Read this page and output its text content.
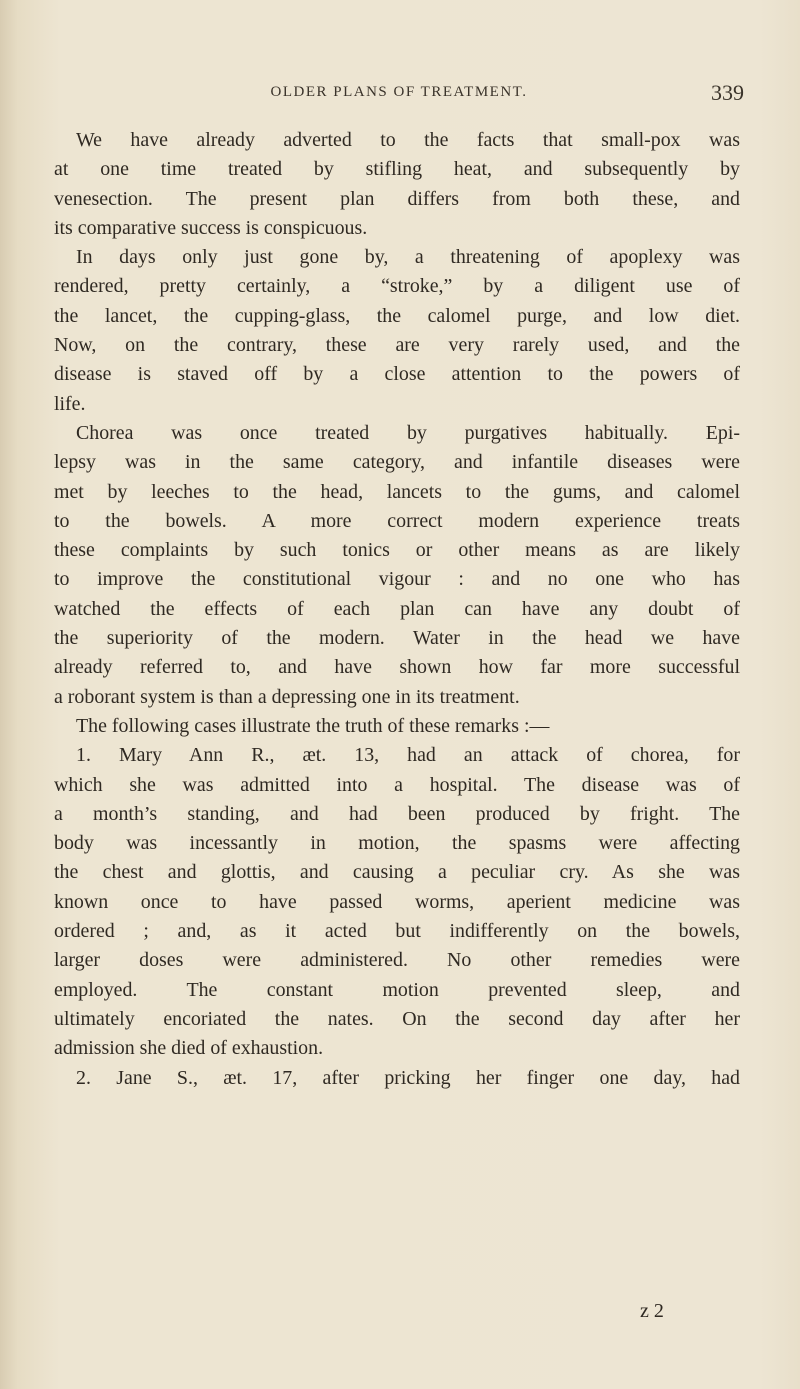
OLDER PLANS OF TREATMENT.	339
We have already adverted to the facts that small-pox was
at one time treated by stifling heat, and subsequently by
venesection. The present plan differs from both these, and
its comparative success is conspicuous.
In days only just gone by, a threatening of apoplexy was
rendered, pretty certainly, a “stroke,” by a diligent use of
the lancet, the cupping-glass, the calomel purge, and low diet.
Now, on the contrary, these are very rarely used, and the
disease is staved off by a close attention to the powers of
life.
Chorea was once treated by purgatives habitually. Epi-
lepsy was in the same category, and infantile diseases were
met by leeches to the head, lancets to the gums, and calomel
to the bowels. A more correct modern experience treats
these complaints by such tonics or other means as are likely
to improve the constitutional vigour : and no one who has
watched the effects of each plan can have any doubt of
the superiority of the modern. Water in the head we have
already referred to, and have shown how far more successful
a roborant system is than a depressing one in its treatment.
The following cases illustrate the truth of these remarks :—
1. Mary Ann R., æt. 13, had an attack of chorea, for
which she was admitted into a hospital. The disease was of
a month’s standing, and had been produced by fright. The
body was incessantly in motion, the spasms were affecting
the chest and glottis, and causing a peculiar cry. As she was
known once to have passed worms, aperient medicine was
ordered ; and, as it acted but indifferently on the bowels,
larger doses were administered. No other remedies were
employed. The constant motion prevented sleep, and
ultimately encoriated the nates. On the second day after her
admission she died of exhaustion.
2. Jane S., æt. 17, after pricking her finger one day, had
z 2
